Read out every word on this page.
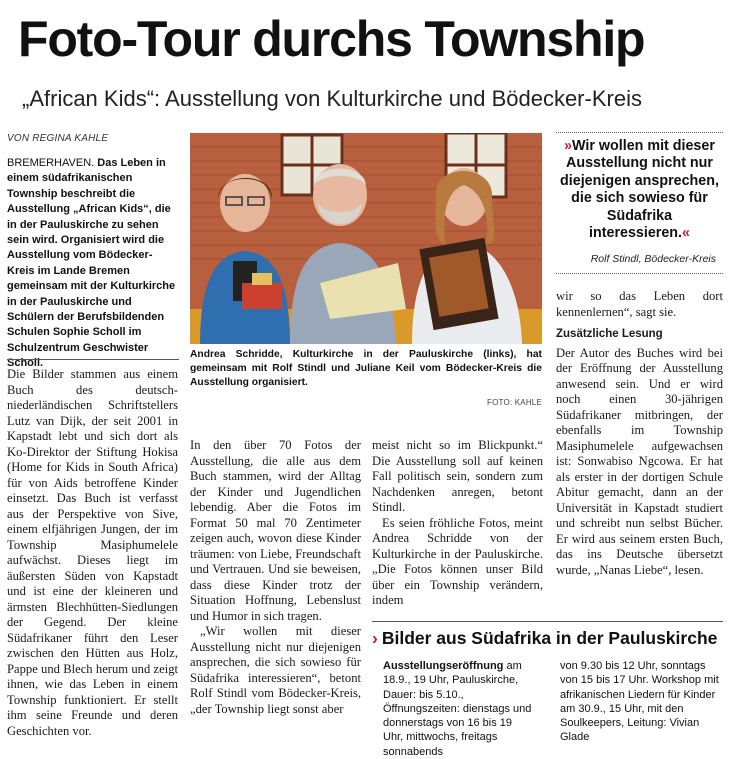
Foto-Tour durchs Township
„African Kids“: Ausstellung von Kulturkirche und Bödecker-Kreis
VON REGINA KAHLE
BREMERHAVEN. Das Leben in einem südafrikanischen Township beschreibt die Ausstellung „African Kids“, die in der Pauluskirche zu sehen sein wird. Organisiert wird die Ausstellung vom Bödecker-Kreis im Lande Bremen gemeinsam mit der Kulturkirche in der Pauluskirche und Schülern der Berufsbildenden Schulen Sophie Scholl im Schulzentrum Geschwister Scholl.

Die Bilder stammen aus einem Buch des deutsch-niederländischen Schriftstellers Lutz van Dijk, der seit 2001 in Kapstadt lebt und sich dort als Ko-Direktor der Stiftung Hokisa (Home for Kids in South Africa) für von Aids betroffene Kinder einsetzt. Das Buch ist verfasst aus der Perspektive von Sive, einem elfjährigen Jungen, der im Township Masiphumelele aufwächst. Dieses liegt im äußersten Süden von Kapstadt und ist eine der kleineren und ärmsten Blechhütten-Siedlungen der Gegend. Der kleine Südafrikaner führt den Leser zwischen den Hütten aus Holz, Pappe und Blech herum und zeigt ihnen, wie das Leben in einem Township funktioniert. Er stellt ihm seine Freunde und deren Geschichten vor.

Andrea Schridde, Kulturkirche in der Pauluskirche (links), hat gemeinsam mit Rolf Stindl und Juliane Keil vom Bödecker-Kreis die Ausstellung organisiert.
FOTO: KAHLE
»Wir wollen mit dieser Ausstellung nicht nur diejenigen ansprechen, die sich sowieso für Südafrika interessieren.«
Rolf Stindl, Bödecker-Kreis

In den über 70 Fotos der Ausstellung, die alle aus dem Buch stammen, wird der Alltag der Kinder und Jugendlichen lebendig. Aber die Fotos im Format 50 mal 70 Zentimeter zeigen auch, wovon diese Kinder träumen: von Liebe, Freundschaft und Vertrauen. Und sie beweisen, dass diese Kinder trotz der Situation Hoffnung, Lebenslust und Humor in sich tragen.

„Wir wollen mit dieser Ausstellung nicht nur diejenigen ansprechen, die sich sowieso für Südafrika interessieren“, betont Rolf Stindl vom Bödecker-Kreis, „der Township liegt sonst aber

meist nicht so im Blickpunkt.“ Die Ausstellung soll auf keinen Fall politisch sein, sondern zum Nachdenken anregen, betont Stindl.

Es seien fröhliche Fotos, meint Andrea Schridde von der Kulturkirche in der Pauluskirche. „Die Fotos können unser Bild über ein Township verändern, indem

wir so das Leben dort kennenlernen“, sagt sie.

Zusätzliche Lesung

Der Autor des Buches wird bei der Eröffnung der Ausstellung anwesend sein. Und er wird noch einen 30-jährigen Südafrikaner mitbringen, der ebenfalls im Township Masiphumelele aufgewachsen ist: Sonwabiso Ngcowa. Er hat als erster in der dortigen Schule Abitur gemacht, dann an der Universität in Kapstadt studiert und schreibt nun selbst Bücher. Er wird aus seinem ersten Buch, das ins Deutsche übersetzt wurde, „Nanas Liebe“, lesen.

› Bilder aus Südafrika in der Pauluskirche
Ausstellungseröffnung am 18.9., 19 Uhr, Pauluskirche, Dauer: bis 5.10., Öffnungszeiten: dienstags und donnerstags von 16 bis 19 Uhr, mittwochs, freitags sonnabends
von 9.30 bis 12 Uhr, sonntags von 15 bis 17 Uhr. Workshop mit afrikanischen Liedern für Kinder am 30.9., 15 Uhr, mit den Soulkeepers, Leitung: Vivian Glade
